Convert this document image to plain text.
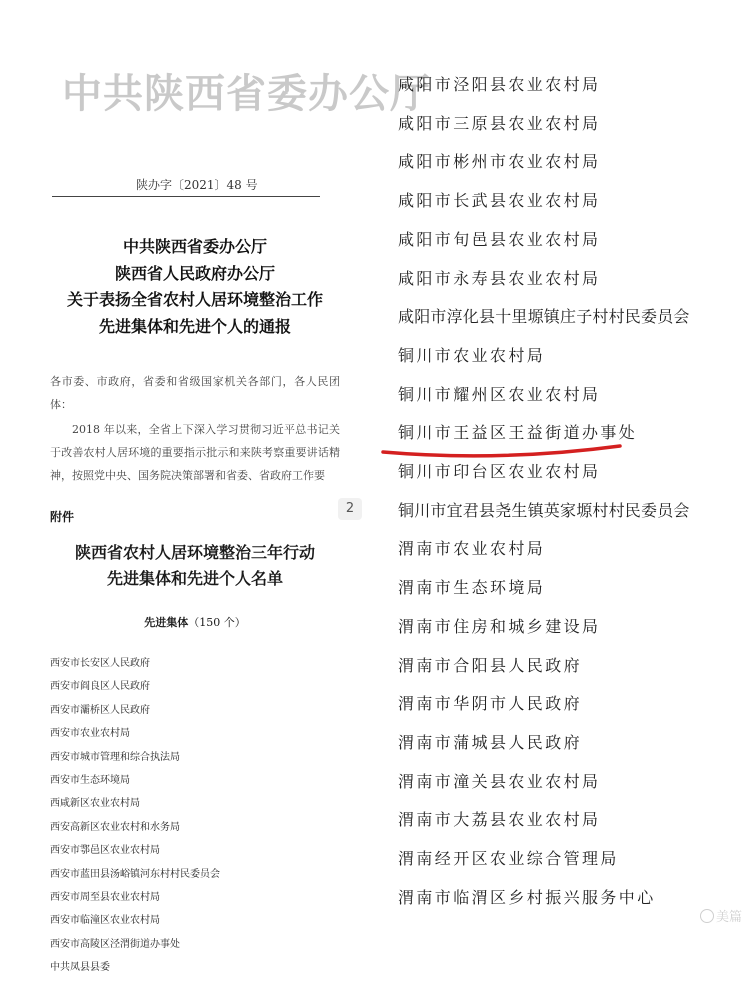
中共陕西省委办公厅
陕办字〔2021〕48 号
中共陕西省委办公厅
陕西省人民政府办公厅
关于表扬全省农村人居环境整治工作
先进集体和先进个人的通报
各市委、市政府，省委和省级国家机关各部门，各人民团体：
2018 年以来，全省上下深入学习贯彻习近平总书记关于改善农村人居环境的重要指示批示和来陕考察重要讲话精神，按照党中央、国务院决策部署和省委、省政府工作要
附件
陕西省农村人居环境整治三年行动
先进集体和先进个人名单
先进集体（150 个）
西安市长安区人民政府
西安市阎良区人民政府
西安市灞桥区人民政府
西安市农业农村局
西安市城市管理和综合执法局
西安市生态环境局
西咸新区农业农村局
西安高新区农业农村和水务局
西安市鄠邑区农业农村局
西安市蓝田县汤峪镇河东村村民委员会
西安市周至县农业农村局
西安市临潼区农业农村局
西安市高陵区泾渭街道办事处
中共凤县县委
2
咸阳市泾阳县农业农村局
咸阳市三原县农业农村局
咸阳市彬州市农业农村局
咸阳市长武县农业农村局
咸阳市旬邑县农业农村局
咸阳市永寿县农业农村局
咸阳市淳化县十里塬镇庄子村村民委员会
铜川市农业农村局
铜川市耀州区农业农村局
铜川市王益区王益街道办事处
铜川市印台区农业农村局
铜川市宜君县尧生镇英家塬村村民委员会
渭南市农业农村局
渭南市生态环境局
渭南市住房和城乡建设局
渭南市合阳县人民政府
渭南市华阴市人民政府
渭南市蒲城县人民政府
渭南市潼关县农业农村局
渭南市大荔县农业农村局
渭南经开区农业综合管理局
渭南市临渭区乡村振兴服务中心
美篇
